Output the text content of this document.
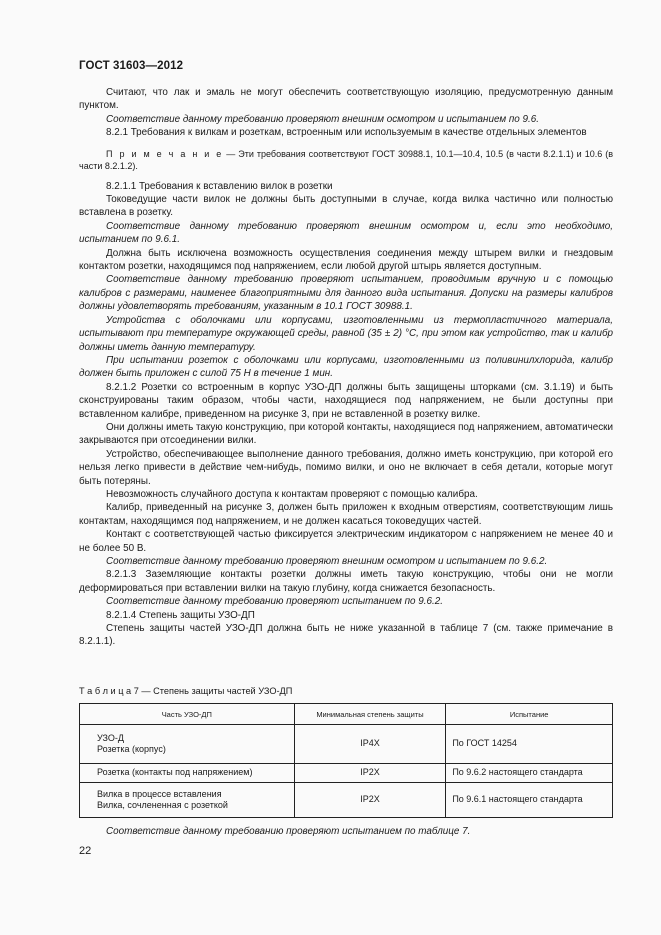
ГОСТ 31603—2012

Считают, что лак и эмаль не могут обеспечить соответствующую изоляцию, предусмотренную данным пунктом.

Соответствие данному требованию проверяют внешним осмотром и испытанием по 9.6.

8.2.1 Требования к вилкам и розеткам, встроенным или используемым в качестве отдельных элементов

П р и м е ч а н и е — Эти требования соответствуют ГОСТ 30988.1, 10.1—10.4, 10.5 (в части 8.2.1.1) и 10.6 (в части 8.2.1.2).

8.2.1.1 Требования к вставлению вилок в розетки

Токоведущие части вилок не должны быть доступными в случае, когда вилка частично или полностью вставлена в розетку.

Соответствие данному требованию проверяют внешним осмотром и, если это необходимо, испытанием по 9.6.1.

Должна быть исключена возможность осуществления соединения между штырем вилки и гнездовым контактом розетки, находящимся под напряжением, если любой другой штырь является доступным.

Соответствие данному требованию проверяют испытанием, проводимым вручную и с помощью калибров с размерами, наименее благоприятными для данного вида испытания. Допуски на размеры калибров должны удовлетворять требованиям, указанным в 10.1 ГОСТ 30988.1.

Устройства с оболочками или корпусами, изготовленными из термопластичного материала, испытывают при температуре окружающей среды, равной (35 ± 2) °С, при этом как устройство, так и калибр должны иметь данную температуру.

При испытании розеток с оболочками или корпусами, изготовленными из поливинилхлорида, калибр должен быть приложен с силой 75 Н в течение 1 мин.

8.2.1.2 Розетки со встроенным в корпус УЗО-ДП должны быть защищены шторками (см. 3.1.19) и быть сконструированы таким образом, чтобы части, находящиеся под напряжением, не были доступны при вставленном калибре, приведенном на рисунке 3, при не вставленной в розетку вилке.

Они должны иметь такую конструкцию, при которой контакты, находящиеся под напряжением, автоматически закрываются при отсоединении вилки.

Устройство, обеспечивающее выполнение данного требования, должно иметь конструкцию, при которой его нельзя легко привести в действие чем-нибудь, помимо вилки, и оно не включает в себя детали, которые могут быть потеряны.

Невозможность случайного доступа к контактам проверяют с помощью калибра.

Калибр, приведенный на рисунке 3, должен быть приложен к входным отверстиям, соответствующим лишь контактам, находящимся под напряжением, и не должен касаться токоведущих частей.

Контакт с соответствующей частью фиксируется электрическим индикатором с напряжением не менее 40 и не более 50 В.

Соответствие данному требованию проверяют внешним осмотром и испытанием по 9.6.2.

8.2.1.3 Заземляющие контакты розетки должны иметь такую конструкцию, чтобы они не могли деформироваться при вставлении вилки на такую глубину, когда снижается безопасность.

Соответствие данному требованию проверяют испытанием по 9.6.2.

8.2.1.4 Степень защиты УЗО-ДП

Степень защиты частей УЗО-ДП должна быть не ниже указанной в таблице 7 (см. также примечание в 8.2.1.1).

Т а б л и ц а 7 — Степень защиты частей УЗО-ДП
Часть УЗО-ДП	Минимальная степень защиты	Испытание
УЗО-Д
Розетка (корпус)	IP4X	По ГОСТ 14254
Розетка (контакты под напряжением)	IP2X	По 9.6.2 настоящего стандарта
Вилка в процессе вставления
Вилка, сочлененная с розеткой	IP2X	По 9.6.1 настоящего стандарта
Соответствие данному требованию проверяют испытанием по таблице 7.
22
